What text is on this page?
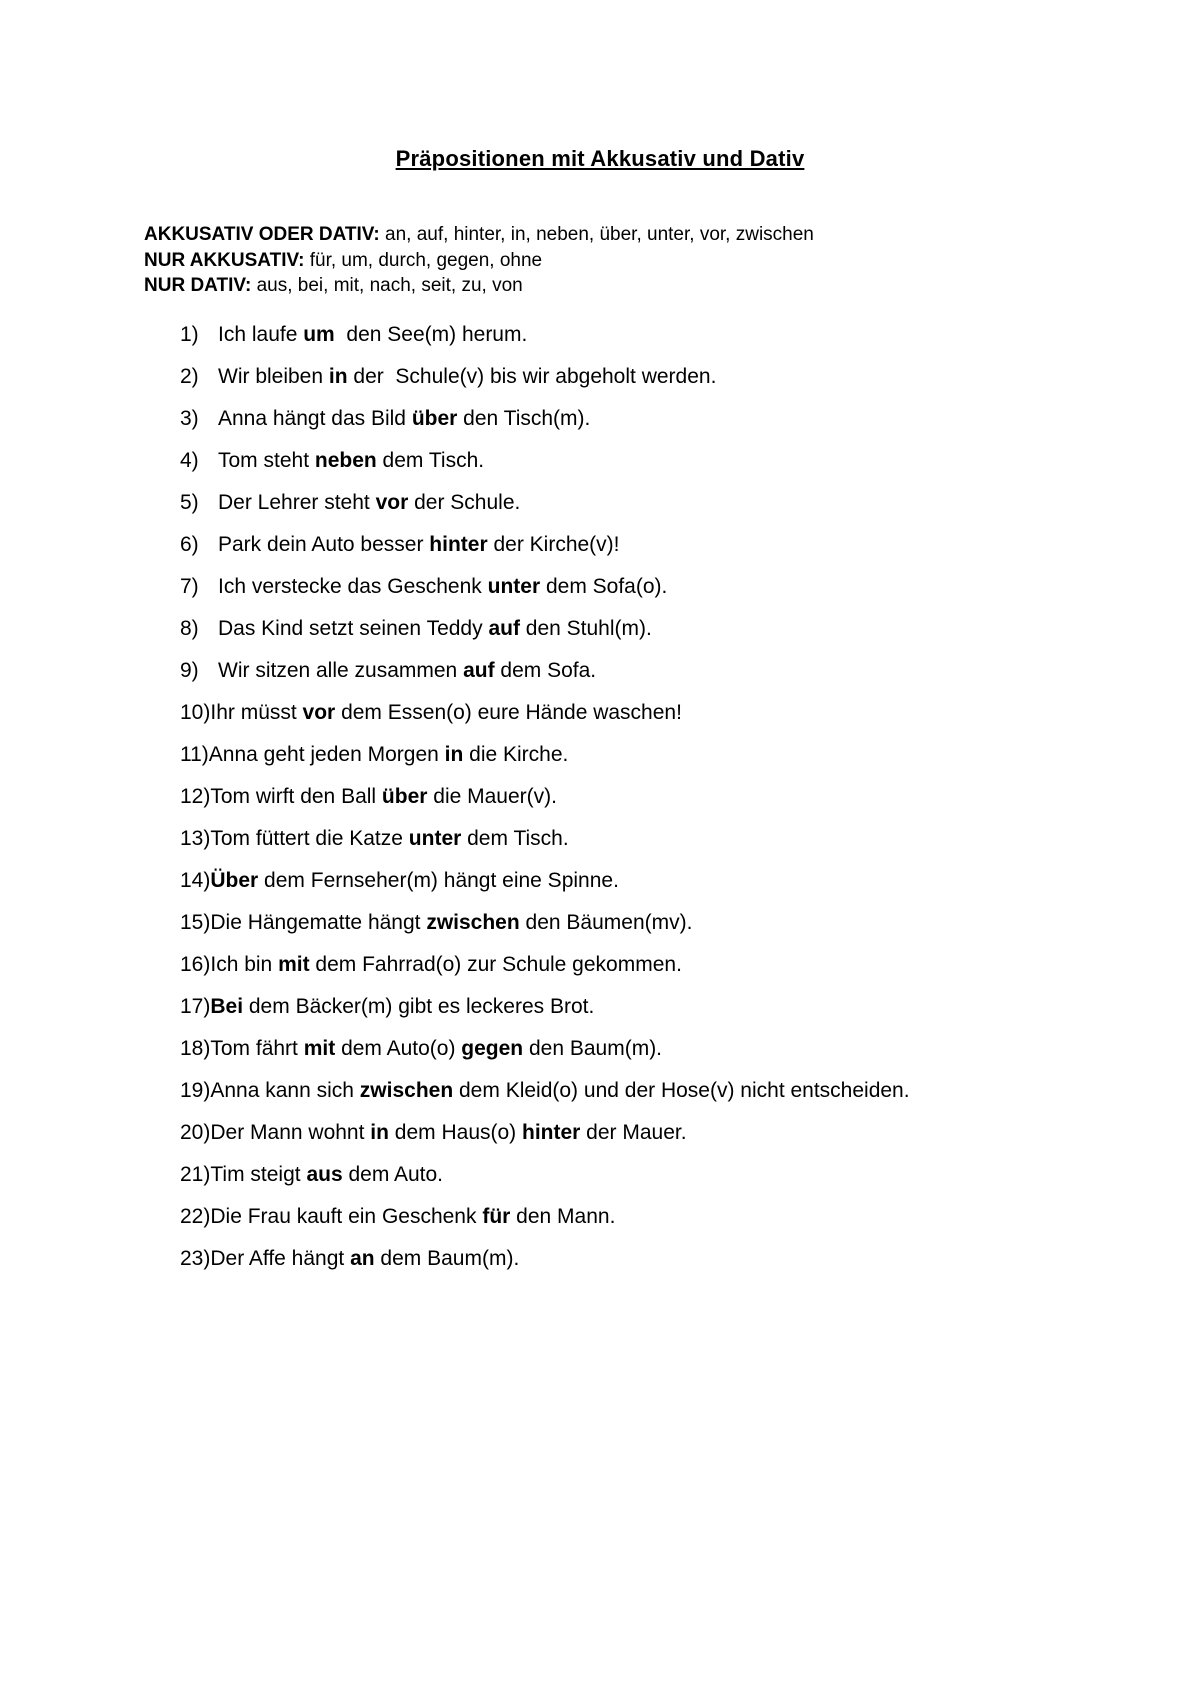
Präpositionen mit Akkusativ und Dativ
AKKUSATIV ODER DATIV: an, auf, hinter, in, neben, über, unter, vor, zwischen
NUR AKKUSATIV: für, um, durch, gegen, ohne
NUR DATIV: aus, bei, mit, nach, seit, zu, von
1) Ich laufe um  den See(m) herum.
2) Wir bleiben in der  Schule(v) bis wir abgeholt werden.
3) Anna hängt das Bild über den Tisch(m).
4) Tom steht neben dem Tisch.
5) Der Lehrer steht vor der Schule.
6) Park dein Auto besser hinter der Kirche(v)!
7) Ich verstecke das Geschenk unter dem Sofa(o).
8) Das Kind setzt seinen Teddy auf den Stuhl(m).
9) Wir sitzen alle zusammen auf dem Sofa.
10)Ihr müsst vor dem Essen(o) eure Hände waschen!
11)Anna geht jeden Morgen in die Kirche.
12)Tom wirft den Ball über die Mauer(v).
13)Tom füttert die Katze unter dem Tisch.
14)Über dem Fernseher(m) hängt eine Spinne.
15)Die Hängematte hängt zwischen den Bäumen(mv).
16)Ich bin mit dem Fahrrad(o) zur Schule gekommen.
17)Bei dem Bäcker(m) gibt es leckeres Brot.
18)Tom fährt mit dem Auto(o) gegen den Baum(m).
19)Anna kann sich zwischen dem Kleid(o) und der Hose(v) nicht entscheiden.
20)Der Mann wohnt in dem Haus(o) hinter der Mauer.
21)Tim steigt aus dem Auto.
22)Die Frau kauft ein Geschenk für den Mann.
23)Der Affe hängt an dem Baum(m).
